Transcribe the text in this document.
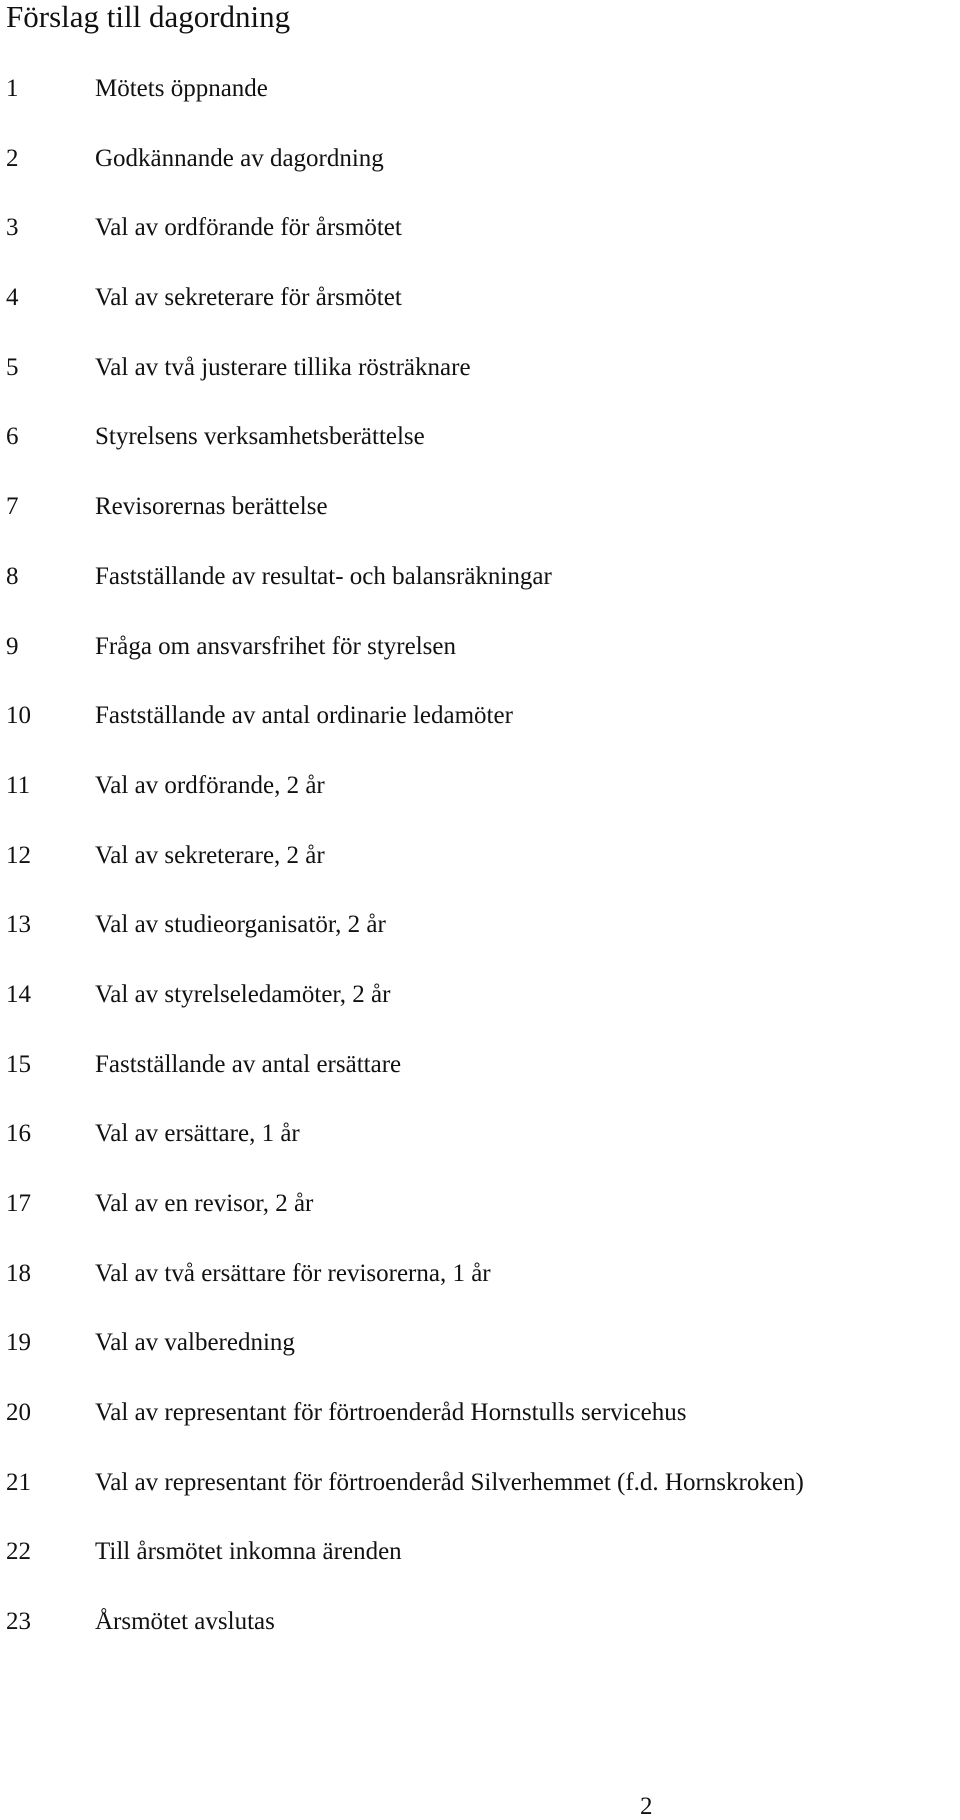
Förslag till dagordning
1	Mötets öppnande
2	Godkännande av dagordning
3	Val av ordförande för årsmötet
4	Val av sekreterare för årsmötet
5	Val av två justerare tillika rösträknare
6	Styrelsens verksamhetsberättelse
7	Revisorernas berättelse
8	Fastställande av resultat- och balansräkningar
9	Fråga om ansvarsfrihet för styrelsen
10	Fastställande av antal ordinarie ledamöter
11	Val av ordförande, 2 år
12	Val av sekreterare, 2 år
13	Val av studieorganisatör, 2 år
14	Val av styrelseledamöter, 2 år
15	Fastställande av antal ersättare
16	Val av ersättare, 1 år
17	Val av en revisor, 2 år
18	Val av två ersättare för revisorerna, 1 år
19	Val av valberedning
20	Val av representant för förtroenderåd Hornstulls servicehus
21	Val av representant för förtroenderåd Silverhemmet (f.d. Hornskroken)
22	Till årsmötet inkomna ärenden
23	Årsmötet avslutas
2
